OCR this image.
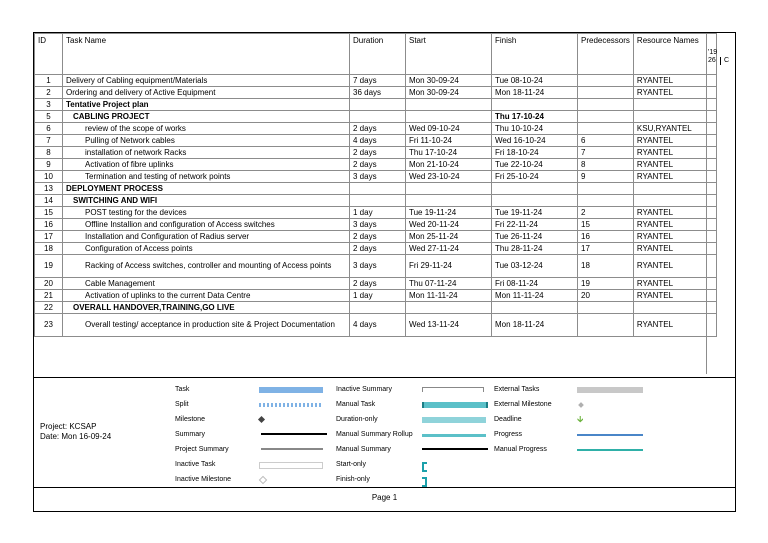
ID	Task Name	Duration	Start	Finish	Predecessors	Resource Names
1	Delivery of Cabling equipment/Materials	7 days	Mon 30-09-24	Tue 08-10-24		RYANTEL
2	Ordering and delivery of Active Equipment	36 days	Mon 30-09-24	Mon 18-11-24		RYANTEL
3	Tentative Project plan					
5	CABLING PROJECT			Thu 17-10-24		
6	review of the scope of works	2 days	Wed 09-10-24	Thu 10-10-24		KSU,RYANTEL
7	Pulling of Network cables	4 days	Fri 11-10-24	Wed 16-10-24	6	RYANTEL
8	installation of network Racks	2 days	Thu 17-10-24	Fri 18-10-24	7	RYANTEL
9	Activation of fibre uplinks	2 days	Mon 21-10-24	Tue 22-10-24	8	RYANTEL
10	Termination and testing of network points	3 days	Wed 23-10-24	Fri 25-10-24	9	RYANTEL
13	DEPLOYMENT PROCESS					
14	SWITCHING AND WIFI					
15	POST testing for the devices	1 day	Tue 19-11-24	Tue 19-11-24	2	RYANTEL
16	Offline Installion and configuration of Access switches	3 days	Wed 20-11-24	Fri 22-11-24	15	RYANTEL
17	Installation and Configuration of Radius server	2 days	Mon 25-11-24	Tue 26-11-24	16	RYANTEL
18	Configuration of Access points	2 days	Wed 27-11-24	Thu 28-11-24	17	RYANTEL
19	Racking of Access switches, controller and mounting of Access points	3 days	Fri 29-11-24	Tue 03-12-24	18	RYANTEL
20	Cable Management	2 days	Thu 07-11-24	Fri 08-11-24	19	RYANTEL
21	Activation of uplinks to the current Data Centre	1 day	Mon 11-11-24	Mon 11-11-24	20	RYANTEL
22	OVERALL HANDOVER,TRAINING,GO LIVE					
23	Overall testing/ acceptance in production site & Project Documentation	4 days	Wed 13-11-24	Mon 18-11-24		RYANTEL
'19
26 C
Project: KCSAP
Date: Mon 16-09-24
Task
Split
Milestone
Summary
Project Summary
Inactive Task
Inactive Milestone
Inactive Summary
Manual Task
Duration-only
Manual Summary Rollup
Manual Summary
Start-only
Finish-only
External Tasks
External Milestone
Deadline
Progress
Manual Progress
🡳
Page 1
